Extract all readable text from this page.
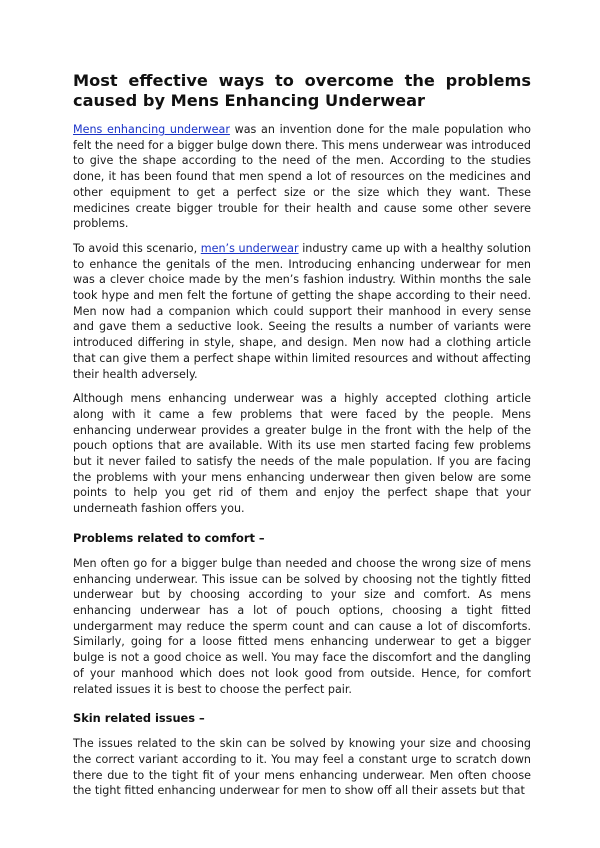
Most effective ways to overcome the problems caused by Mens Enhancing Underwear

Mens enhancing underwear was an invention done for the male population who felt the need for a bigger bulge down there. This mens underwear was introduced to give the shape according to the need of the men. According to the studies done, it has been found that men spend a lot of resources on the medicines and other equipment to get a perfect size or the size which they want. These medicines create bigger trouble for their health and cause some other severe problems.

To avoid this scenario, men’s underwear industry came up with a healthy solution to enhance the genitals of the men. Introducing enhancing underwear for men was a clever choice made by the men’s fashion industry. Within months the sale took hype and men felt the fortune of getting the shape according to their need. Men now had a companion which could support their manhood in every sense and gave them a seductive look. Seeing the results a number of variants were introduced differing in style, shape, and design. Men now had a clothing article that can give them a perfect shape within limited resources and without affecting their health adversely.

Although mens enhancing underwear was a highly accepted clothing article along with it came a few problems that were faced by the people. Mens enhancing underwear provides a greater bulge in the front with the help of the pouch options that are available. With its use men started facing few problems but it never failed to satisfy the needs of the male population. If you are facing the problems with your mens enhancing underwear then given below are some points to help you get rid of them and enjoy the perfect shape that your underneath fashion offers you.

Problems related to comfort –

Men often go for a bigger bulge than needed and choose the wrong size of mens enhancing underwear. This issue can be solved by choosing not the tightly fitted underwear but by choosing according to your size and comfort. As mens enhancing underwear has a lot of pouch options, choosing a tight fitted undergarment may reduce the sperm count and can cause a lot of discomforts. Similarly, going for a loose fitted mens enhancing underwear to get a bigger bulge is not a good choice as well. You may face the discomfort and the dangling of your manhood which does not look good from outside. Hence, for comfort related issues it is best to choose the perfect pair.

Skin related issues –

The issues related to the skin can be solved by knowing your size and choosing the correct variant according to it. You may feel a constant urge to scratch down there due to the tight fit of your mens enhancing underwear. Men often choose the tight fitted enhancing underwear for men to show off all their assets but that
